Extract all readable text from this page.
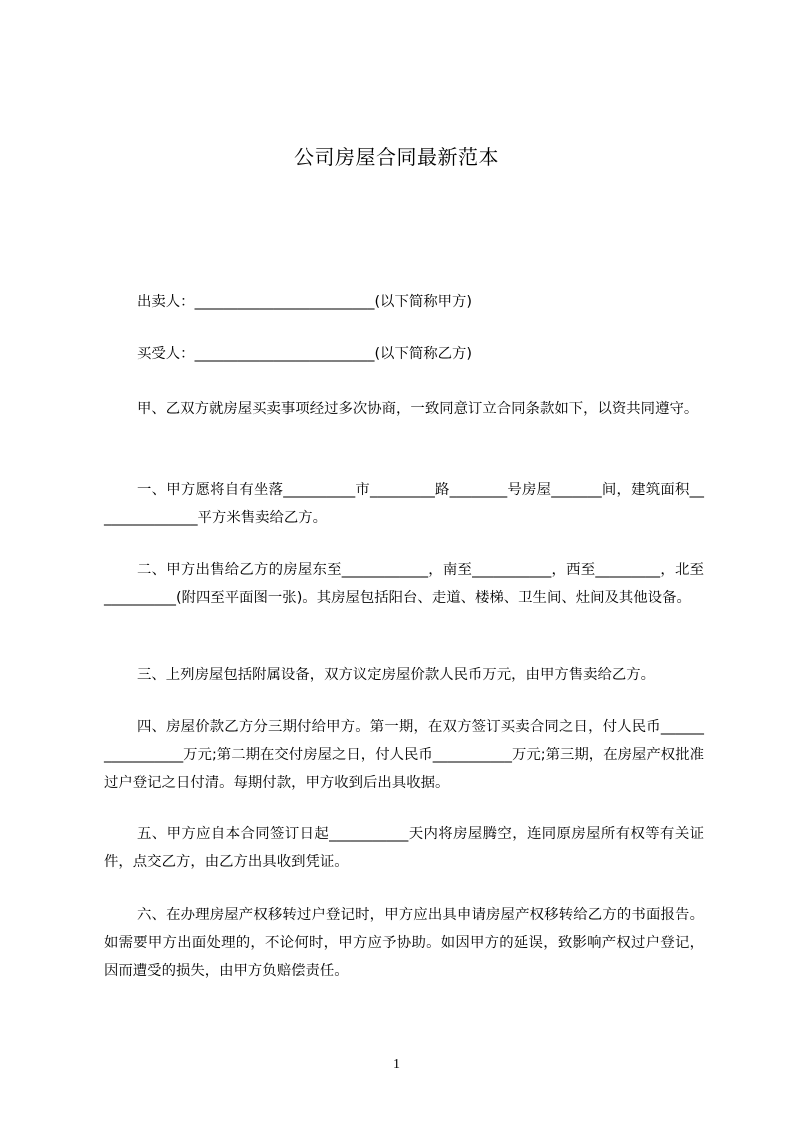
公司房屋合同最新范本
出卖人：_________________________(以下简称甲方)
买受人：_________________________(以下简称乙方)
甲、乙双方就房屋买卖事项经过多次协商，一致同意订立合同条款如下，以资共同遵守。
一、甲方愿将自有坐落__________市_________路________号房屋_______间，建筑面积_______________平方米售卖给乙方。
二、甲方出售给乙方的房屋东至____________，南至___________，西至_________，北至__________(附四至平面图一张)。其房屋包括阳台、走道、楼梯、卫生间、灶间及其他设备。
三、上列房屋包括附属设备，双方议定房屋价款人民币万元，由甲方售卖给乙方。
四、房屋价款乙方分三期付给甲方。第一期，在双方签订买卖合同之日，付人民币_________________万元;第二期在交付房屋之日，付人民币___________万元;第三期，在房屋产权批准过户登记之日付清。每期付款，甲方收到后出具收据。
五、甲方应自本合同签订日起___________天内将房屋腾空，连同原房屋所有权等有关证件，点交乙方，由乙方出具收到凭证。
六、在办理房屋产权移转过户登记时，甲方应出具申请房屋产权移转给乙方的书面报告。如需要甲方出面处理的，不论何时，甲方应予协助。如因甲方的延误，致影响产权过户登记，因而遭受的损失，由甲方负赔偿责任。
1
